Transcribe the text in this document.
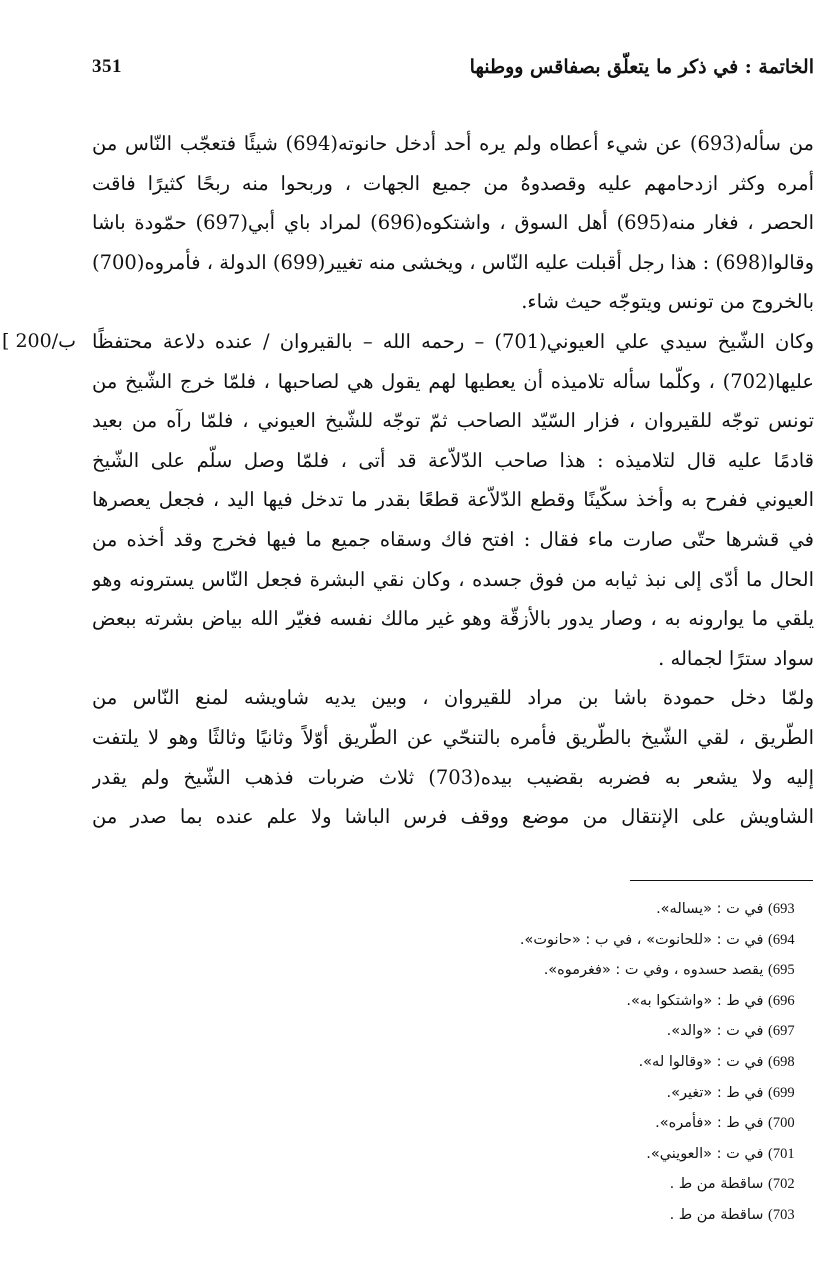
351	الخاتمة : في ذكر ما يتعلّق بصفاقس ووطنها
[ 200/ب
من سأله(693) عن شيء أعطاه ولم يره أحد أدخل حانوته(694) شيئًا فتعجّب النّاس من
أمره وكثر ازدحامهم عليه وقصدوهُ من جميع الجهات ، وربحوا منه ربحًا كثيرًا فاقت
الحصر ، فغار منه(695) أهل السوق ، واشتكوه(696) لمراد باي أبي(697) حمّودة باشا
وقالوا(698) : هذا رجل أقبلت عليه النّاس ، ويخشى منه تغيير(699) الدولة ، فأمروه(700)
بالخروج من تونس ويتوجّه حيث شاء.
وكان الشّيخ سيدي علي العيوني(701) – رحمه الله – بالقيروان / عنده دلاعة محتفظًا
عليها(702) ، وكلّما سأله تلاميذه أن يعطيها لهم يقول هي لصاحبها ، فلمّا خرج الشّيخ من
تونس توجّه للقيروان ، فزار السّيّد الصاحب ثمّ توجّه للشّيخ العيوني ، فلمّا رآه من بعيد
قادمًا عليه قال لتلاميذه : هذا صاحب الدّلاّعة قد أتى ، فلمّا وصل سلّم على الشّيخ
العيوني ففرح به وأخذ سكّينًا وقطع الدّلاّعة قطعًا بقدر ما تدخل فيها اليد ، فجعل يعصرها
في قشرها حتّى صارت ماء فقال : افتح فاك وسقاه جميع ما فيها فخرج وقد أخذه من
الحال ما أدّى إلى نبذ ثيابه من فوق جسده ، وكان نقي البشرة فجعل النّاس يسترونه وهو
يلقي ما يوارونه به ، وصار يدور بالأزقّة وهو غير مالك نفسه فغيّر الله بياض بشرته ببعض
سواد سترًا لجماله .
ولمّا دخل حمودة باشا بن مراد للقيروان ، وبين يديه شاويشه لمنع النّاس من
الطّريق ، لقي الشّيخ بالطّريق فأمره بالتنحّي عن الطّريق أوّلاً وثانيًا وثالثًا وهو لا يلتفت
إليه ولا يشعر به فضربه بقضيب بيده(703) ثلاث ضربات فذهب الشّيخ ولم يقدر
الشاويش على الإنتقال من موضع ووقف فرس الباشا ولا علم عنده بما صدر من
(693 في ت : «يساله».
(694 في ت : «للحانوت» ، في ب : «حانوت».
(695 يقصد حسدوه ، وفي ت : «فغرموه».
(696 في ط : «واشتكوا به».
(697 في ت : «والد».
(698 في ت : «وقالوا له».
(699 في ط : «تغير».
(700 في ط : «فأمره».
(701 في ت : «العويني».
(702 ساقطة من ط .
(703 ساقطة من ط .
